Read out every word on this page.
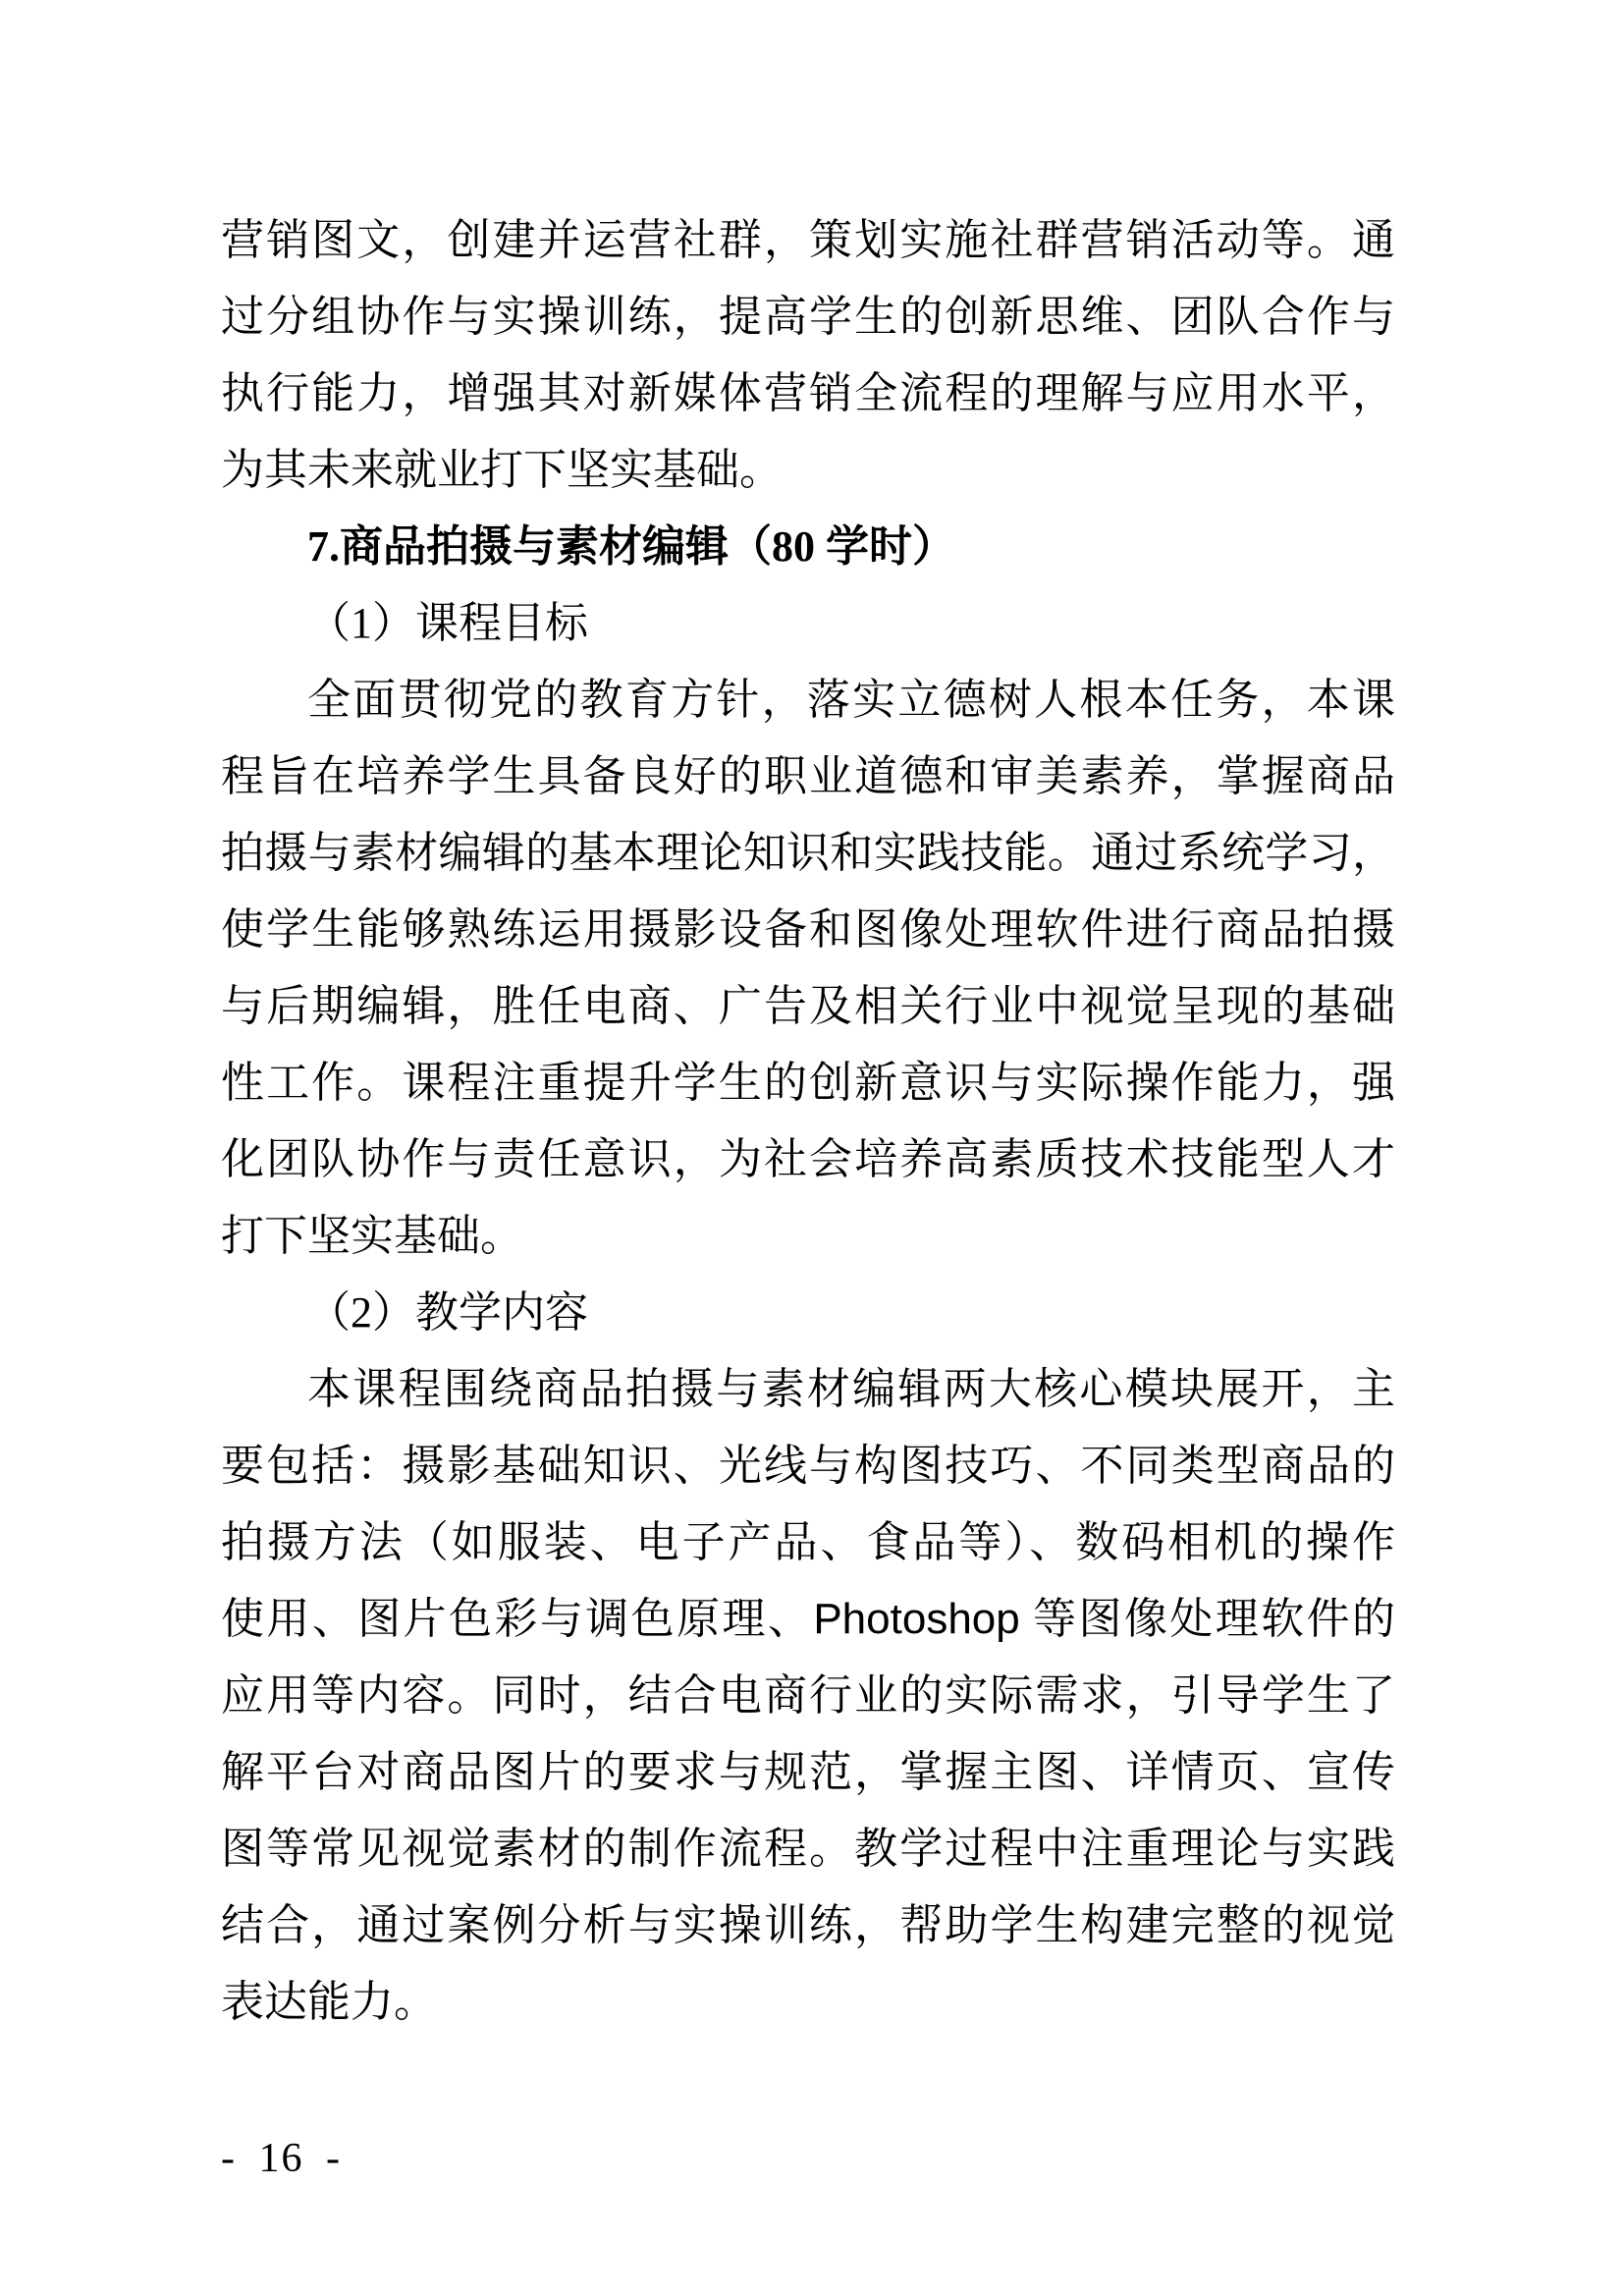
营销图文，创建并运营社群，策划实施社群营销活动等。通
过分组协作与实操训练，提高学生的创新思维、团队合作与
执行能力，增强其对新媒体营销全流程的理解与应用水平，
为其未来就业打下坚实基础。
7.商品拍摄与素材编辑（80 学时）
（1）课程目标
全面贯彻党的教育方针，落实立德树人根本任务，本课
程旨在培养学生具备良好的职业道德和审美素养，掌握商品
拍摄与素材编辑的基本理论知识和实践技能。通过系统学习，
使学生能够熟练运用摄影设备和图像处理软件进行商品拍摄
与后期编辑，胜任电商、广告及相关行业中视觉呈现的基础
性工作。课程注重提升学生的创新意识与实际操作能力，强
化团队协作与责任意识，为社会培养高素质技术技能型人才
打下坚实基础。
（2）教学内容
本课程围绕商品拍摄与素材编辑两大核心模块展开，主
要包括：摄影基础知识、光线与构图技巧、不同类型商品的
拍摄方法（如服装、电子产品、食品等）、数码相机的操作
使用、图片色彩与调色原理、Photoshop 等图像处理软件的
应用等内容。同时，结合电商行业的实际需求，引导学生了
解平台对商品图片的要求与规范，掌握主图、详情页、宣传
图等常见视觉素材的制作流程。教学过程中注重理论与实践
结合，通过案例分析与实操训练，帮助学生构建完整的视觉
表达能力。
- 16 -
